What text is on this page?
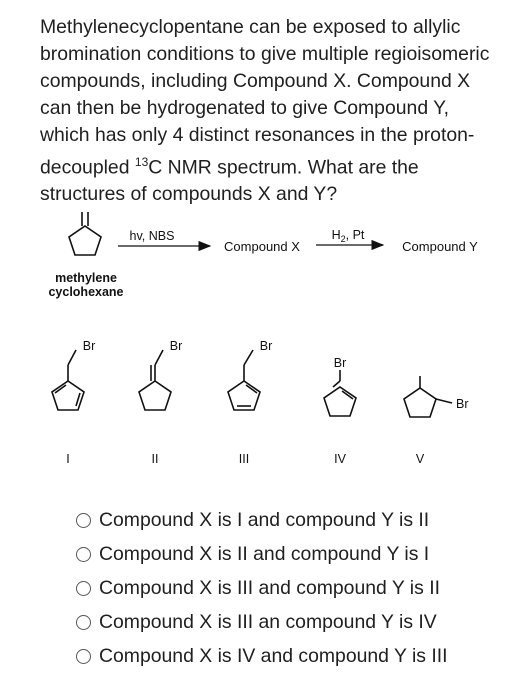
Methylenecyclopentane can be exposed to allylic bromination conditions to give multiple regioisomeric compounds, including Compound X. Compound X can then be hydrogenated to give Compound Y, which has only 4 distinct resonances in the proton-decoupled $^{13}$C NMR spectrum. What are the structures of compounds X and Y?

methylene
cyclohexane
hv, NBS
Compound X
$H_2$, Pt
Compound Y
Br
I
Br
II
Br
III
Br
IV
Br
V
Compound X is I and compound Y is II
Compound X is II and compound Y is I
Compound X is III and compound Y is II
Compound X is III an compound Y is IV
Compound X is IV and compound Y is III
